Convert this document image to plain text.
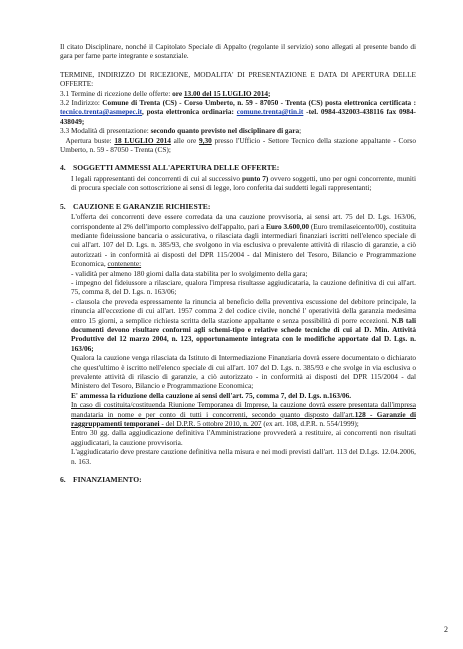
Il citato Disciplinare, nonché il Capitolato Speciale di Appalto (regolante il servizio) sono allegati al presente bando di gara per farne parte integrante e sostanziale.

TERMINE, INDIRIZZO DI RICEZIONE, MODALITA' DI PRESENTAZIONE E DATA DI APERTURA DELLE OFFERTE:

3.1 Termine di ricezione delle offerte: ore 13.00 del 15 LUGLIO 2014;

3.2 Indirizzo: Comune di Trenta (CS) - Corso Umberto, n. 59 - 87050 - Trenta (CS) posta elettronica certificata : tecnico.trenta@asmepec.it, posta elettronica ordinaria: comune.trenta@tin.it -tel. 0984-432003-438116 fax 0984-438049;

3.3 Modalità di presentazione: secondo quanto previsto nel disciplinare di gara;

Apertura buste: 18 LUGLIO 2014 alle ore 9,30 presso l'Ufficio - Settore Tecnico della stazione appaltante - Corso Umberto, n. 59 - 87050 - Trenta (CS);

4. SOGGETTI AMMESSI ALL'APERTURA DELLE OFFERTE:

I legali rappresentanti dei concorrenti di cui al successivo punto 7) ovvero soggetti, uno per ogni concorrente, muniti di procura speciale con sottoscrizione ai sensi di legge, loro conferita dai suddetti legali rappresentanti;

5. CAUZIONE E GARANZIE RICHIESTE:

L'offerta dei concorrenti deve essere corredata da una cauzione provvisoria, ai sensi art. 75 del D. Lgs. 163/06, corrispondente al 2% dell'importo complessivo dell'appalto, pari a Euro 3.600,00 (Euro tremilaseicento/00), costituita mediante fideiussione bancaria o assicurativa, o rilasciata dagli intermediari finanziari iscritti nell'elenco speciale di cui all'art. 107 del D. Lgs. n. 385/93, che svolgono in via esclusiva o prevalente attività di rilascio di garanzie, a ciò autorizzati - in conformità ai disposti del DPR 115/2004 - dal Ministero del Tesoro, Bilancio e Programmazione Economica, contenente:

- validità per almeno 180 giorni dalla data stabilita per lo svolgimento della gara;

- impegno del fideiussore a rilasciare, qualora l'impresa risultasse aggiudicataria, la cauzione definitiva di cui all'art. 75, comma 8, del D. Lgs. n. 163/06;

- clausola che preveda espressamente la rinuncia al beneficio della preventiva escussione del debitore principale, la rinuncia all'eccezione di cui all'art. 1957 comma 2 del codice civile, nonché l' operatività della garanzia medesima entro 15 giorni, a semplice richiesta scritta della stazione appaltante e senza possibilità di porre eccezioni. N.B tali documenti devono risultare conformi agli schemi-tipo e relative schede tecniche di cui al D. Min. Attività Produttive del 12 marzo 2004, n. 123, opportunamente integrata con le modifiche apportate dal D. Lgs. n. 163/06;

Qualora la cauzione venga rilasciata da Istituto di Intermediazione Finanziaria dovrà essere documentato o dichiarato che quest'ultimo è iscritto nell'elenco speciale di cui all'art. 107 del D. Lgs. n. 385/93 e che svolge in via esclusiva o prevalente attività di rilascio di garanzie, a ciò autorizzato - in conformità ai disposti del DPR 115/2004 - dal Ministero del Tesoro, Bilancio e Programmazione Economica;

E' ammessa la riduzione della cauzione ai sensi dell'art. 75, comma 7, del D. Lgs. n.163/06.

In caso di costituita/costituenda Riunione Temporanea di Imprese, la cauzione dovrà essere presentata dall'impresa mandataria in nome e per conto di tutti i concorrenti, secondo quanto disposto dall'art.128 - Garanzie di raggruppamenti temporanei - del D.P.R. 5 ottobre 2010, n. 207 (ex art. 108, d.P.R. n. 554/1999);

Entro 30 gg. dalla aggiudicazione definitiva l'Amministrazione provvederà a restituire, ai concorrenti non risultati aggiudicatari, la cauzione provvisoria.

L'aggiudicatario deve prestare cauzione definitiva nella misura e nei modi previsti dall'art. 113 del D.Lgs. 12.04.2006, n. 163.

6. FINANZIAMENTO:

2
